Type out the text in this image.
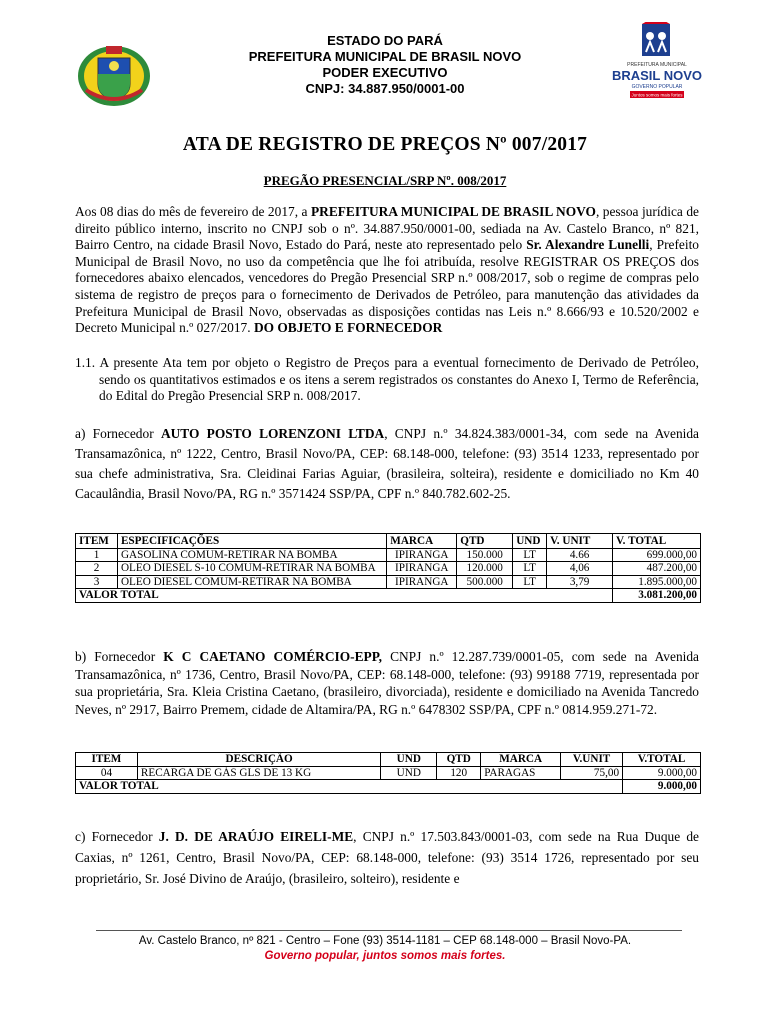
ESTADO DO PARÁ
PREFEITURA MUNICIPAL DE BRASIL NOVO
PODER EXECUTIVO
CNPJ: 34.887.950/0001-00
PREFEITURA MUNICIPAL
BRASIL NOVO
GOVERNO POPULAR
Juntos somos mais fortes
ATA DE REGISTRO DE PREÇOS Nº 007/2017
PREGÃO PRESENCIAL/SRP Nº. 008/2017
Aos 08 dias do mês de fevereiro de 2017, a PREFEITURA MUNICIPAL DE BRASIL NOVO, pessoa jurídica de direito público interno, inscrito no CNPJ sob o nº. 34.887.950/0001-00, sediada na Av. Castelo Branco, nº 821, Bairro Centro, na cidade Brasil Novo, Estado do Pará, neste ato representado pelo Sr. Alexandre Lunelli, Prefeito Municipal de Brasil Novo, no uso da competência que lhe foi atribuída, resolve REGISTRAR OS PREÇOS dos fornecedores abaixo elencados, vencedores do Pregão Presencial SRP n.º 008/2017, sob o regime de compras pelo sistema de registro de preços para o fornecimento de Derivados de Petróleo, para manutenção das atividades da Prefeitura Municipal de Brasil Novo, observadas as disposições contidas nas Leis n.º 8.666/93 e 10.520/2002 e Decreto Municipal n.º 027/2017. DO OBJETO E FORNECEDOR
1.1. A presente Ata tem por objeto o Registro de Preços para a eventual fornecimento de Derivado de Petróleo, sendo os quantitativos estimados e os itens a serem registrados os constantes do Anexo I, Termo de Referência, do Edital do Pregão Presencial SRP n. 008/2017.
a) Fornecedor AUTO POSTO LORENZONI LTDA, CNPJ n.º 34.824.383/0001-34, com sede na Avenida Transamazônica, nº 1222, Centro, Brasil Novo/PA, CEP: 68.148-000, telefone: (93) 3514 1233, representado por sua chefe administrativa, Sra. Cleidinai Farias Aguiar, (brasileira, solteira), residente e domiciliado no Km 40 Cacaulândia, Brasil Novo/PA, RG n.º 3571424 SSP/PA, CPF n.º 840.782.602-25.
ITEM	ESPECIFICAÇÕES	MARCA	QTD	UND	V. UNIT	V. TOTAL
1	GASOLINA COMUM-RETIRAR NA BOMBA	IPIRANGA	150.000	LT	4.66	699.000,00
2	OLEO DIESEL S-10 COMUM-RETIRAR NA BOMBA	IPIRANGA	120.000	LT	4,06	487.200,00
3	OLEO DIESEL COMUM-RETIRAR NA BOMBA	IPIRANGA	500.000	LT	3,79	1.895.000,00
VALOR TOTAL						3.081.200,00
b) Fornecedor K C CAETANO COMÉRCIO-EPP, CNPJ n.º 12.287.739/0001-05, com sede na Avenida Transamazônica, nº 1736, Centro, Brasil Novo/PA, CEP: 68.148-000, telefone: (93) 99188 7719, representada por sua proprietária, Sra. Kleia Cristina Caetano, (brasileiro, divorciada), residente e domiciliado na Avenida Tancredo Neves, nº 2917, Bairro Premem, cidade de Altamira/PA, RG n.º 6478302 SSP/PA, CPF n.º 0814.959.271-72.
ITEM	DESCRIÇÃO	UND	QTD	MARCA	V.UNIT	V.TOTAL
04	RECARGA DE GÁS GLS DE 13 KG	UND	120	PARAGAS	75,00	9.000,00
VALOR TOTAL						9.000,00
c) Fornecedor J. D. DE ARAÚJO EIRELI-ME, CNPJ n.º 17.503.843/0001-03, com sede na Rua Duque de Caxias, nº 1261, Centro, Brasil Novo/PA, CEP: 68.148-000, telefone: (93) 3514 1726, representado por seu proprietário, Sr. José Divino de Araújo, (brasileiro, solteiro), residente e
Av. Castelo Branco, nº 821 - Centro – Fone (93) 3514-1181 – CEP 68.148-000 – Brasil Novo-PA.
Governo popular, juntos somos mais fortes.
